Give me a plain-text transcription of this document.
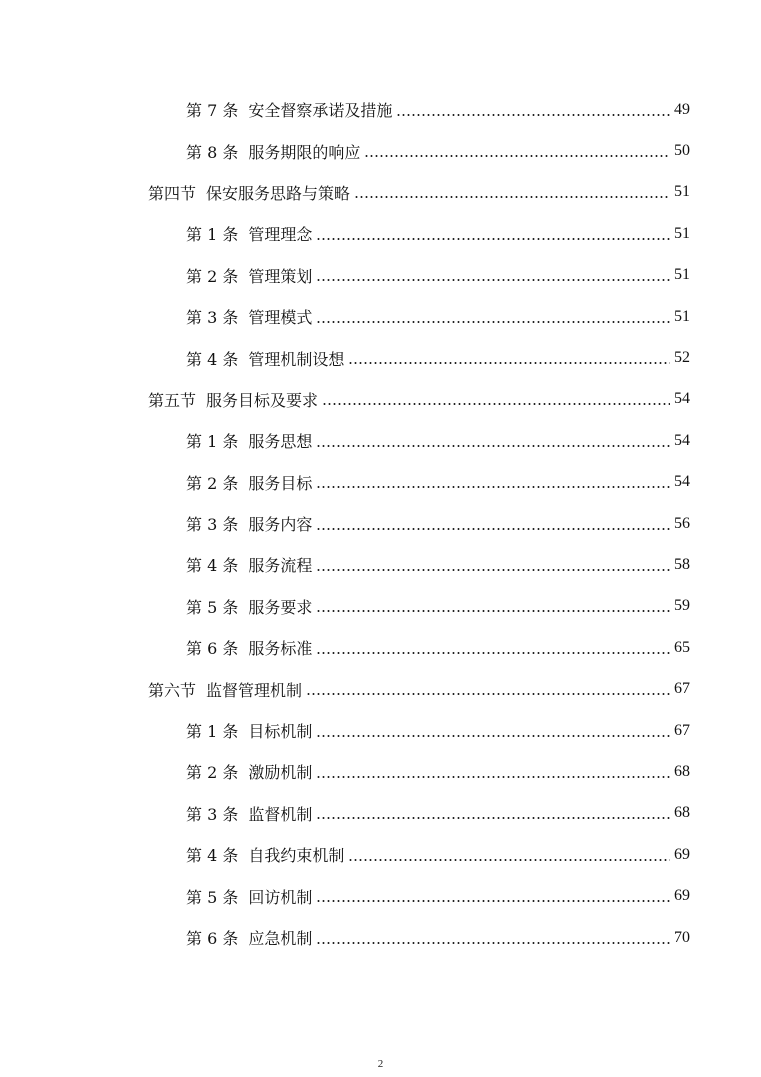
第 7 条 安全督察承诺及措施	49
第 8 条 服务期限的响应	50
第四节 保安服务思路与策略	51
第 1 条 管理理念	51
第 2 条 管理策划	51
第 3 条 管理模式	51
第 4 条 管理机制设想	52
第五节 服务目标及要求	54
第 1 条 服务思想	54
第 2 条 服务目标	54
第 3 条 服务内容	56
第 4 条 服务流程	58
第 5 条 服务要求	59
第 6 条 服务标准	65
第六节 监督管理机制	67
第 1 条 目标机制	67
第 2 条 激励机制	68
第 3 条 监督机制	68
第 4 条 自我约束机制	69
第 5 条 回访机制	69
第 6 条 应急机制	70
2
